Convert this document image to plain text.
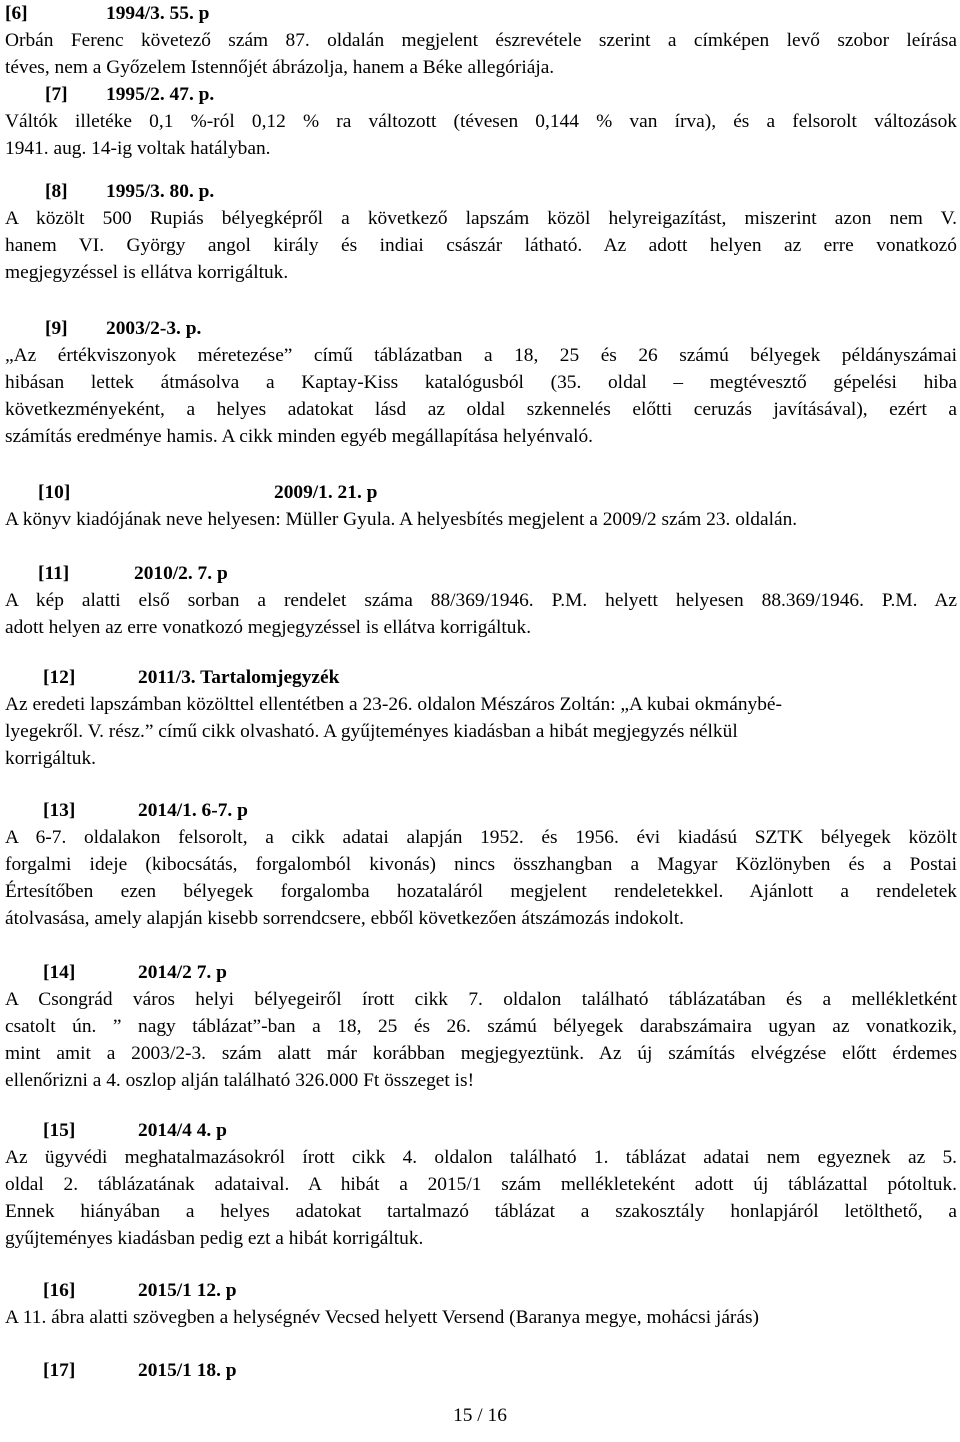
[6]	1994/3. 55. p
Orbán Ferenc követező szám 87. oldalán megjelent észrevétele szerint a címképen levő szobor leírása
téves, nem a Győzelem Istennőjét ábrázolja, hanem a Béke allegóriája.
[7] 1995/2. 47. p.
Váltók illetéke 0,1 %-ról 0,12 % ra változott (tévesen 0,144 % van írva), és a felsorolt változások
1941. aug. 14-ig voltak hatályban.
[8] 1995/3. 80. p.
A közölt 500 Rupiás bélyegképről a következő lapszám közöl helyreigazítást, miszerint azon nem V.
hanem VI. György angol király és indiai császár látható. Az adott helyen az erre vonatkozó
megjegyzéssel is ellátva korrigáltuk.
[9] 2003/2-3. p.
„Az értékviszonyok méretezése” című táblázatban a 18, 25 és 26 számú bélyegek példányszámai
hibásan lettek átmásolva a Kaptay-Kiss katalógusból (35. oldal – megtévesztő gépelési hiba
következményeként, a helyes adatokat lásd az oldal szkennelés előtti ceruzás javításával), ezért a
számítás eredménye hamis. A cikk minden egyéb megállapítása helyénvaló.
[10]	2009/1. 21. p
A könyv kiadójának neve helyesen: Müller Gyula. A helyesbítés megjelent a 2009/2 szám 23. oldalán.
[11]	2010/2. 7. p
A kép alatti első sorban a rendelet száma 88/369/1946. P.M. helyett helyesen 88.369/1946. P.M. Az
adott helyen az erre vonatkozó megjegyzéssel is ellátva korrigáltuk.
[12]	2011/3. Tartalomjegyzék
Az eredeti lapszámban közölttel ellentétben a 23-26. oldalon Mészáros Zoltán: „A kubai okmánybé-
lyegekről. V. rész.” című cikk olvasható. A gyűjteményes kiadásban a hibát megjegyzés nélkül
korrigáltuk.
[13]	2014/1. 6-7. p
A 6-7. oldalakon felsorolt, a cikk adatai alapján 1952. és 1956. évi kiadású SZTK bélyegek közölt
forgalmi ideje (kibocsátás, forgalomból kivonás) nincs összhangban a Magyar Közlönyben és a Postai
Értesítőben ezen bélyegek forgalomba hozataláról megjelent rendeletekkel. Ajánlott a rendeletek
átolvasása, amely alapján kisebb sorrendcsere, ebből következően átszámozás indokolt.
[14]	2014/2 7. p
A Csongrád város helyi bélyegeiről írott cikk 7. oldalon található táblázatában és a mellékletként
csatolt ún. ” nagy táblázat”-ban a 18, 25 és 26. számú bélyegek darabszámaira ugyan az vonatkozik,
mint amit a 2003/2-3. szám alatt már korábban megjegyeztünk. Az új számítás elvégzése előtt érdemes
ellenőrizni a 4. oszlop alján található 326.000 Ft összeget is!
[15]	2014/4 4. p
Az ügyvédi meghatalmazásokról írott cikk 4. oldalon található 1. táblázat adatai nem egyeznek az 5.
oldal 2. táblázatának adataival. A hibát a 2015/1 szám mellékleteként adott új táblázattal pótoltuk.
Ennek hiányában a helyes adatokat tartalmazó táblázat a szakosztály honlapjáról letölthető, a
gyűjteményes kiadásban pedig ezt a hibát korrigáltuk.
[16]	2015/1 12. p
A 11. ábra alatti szövegben a helységnév Vecsed helyett Versend (Baranya megye, mohácsi járás)
[17]	2015/1 18. p
15 / 16
